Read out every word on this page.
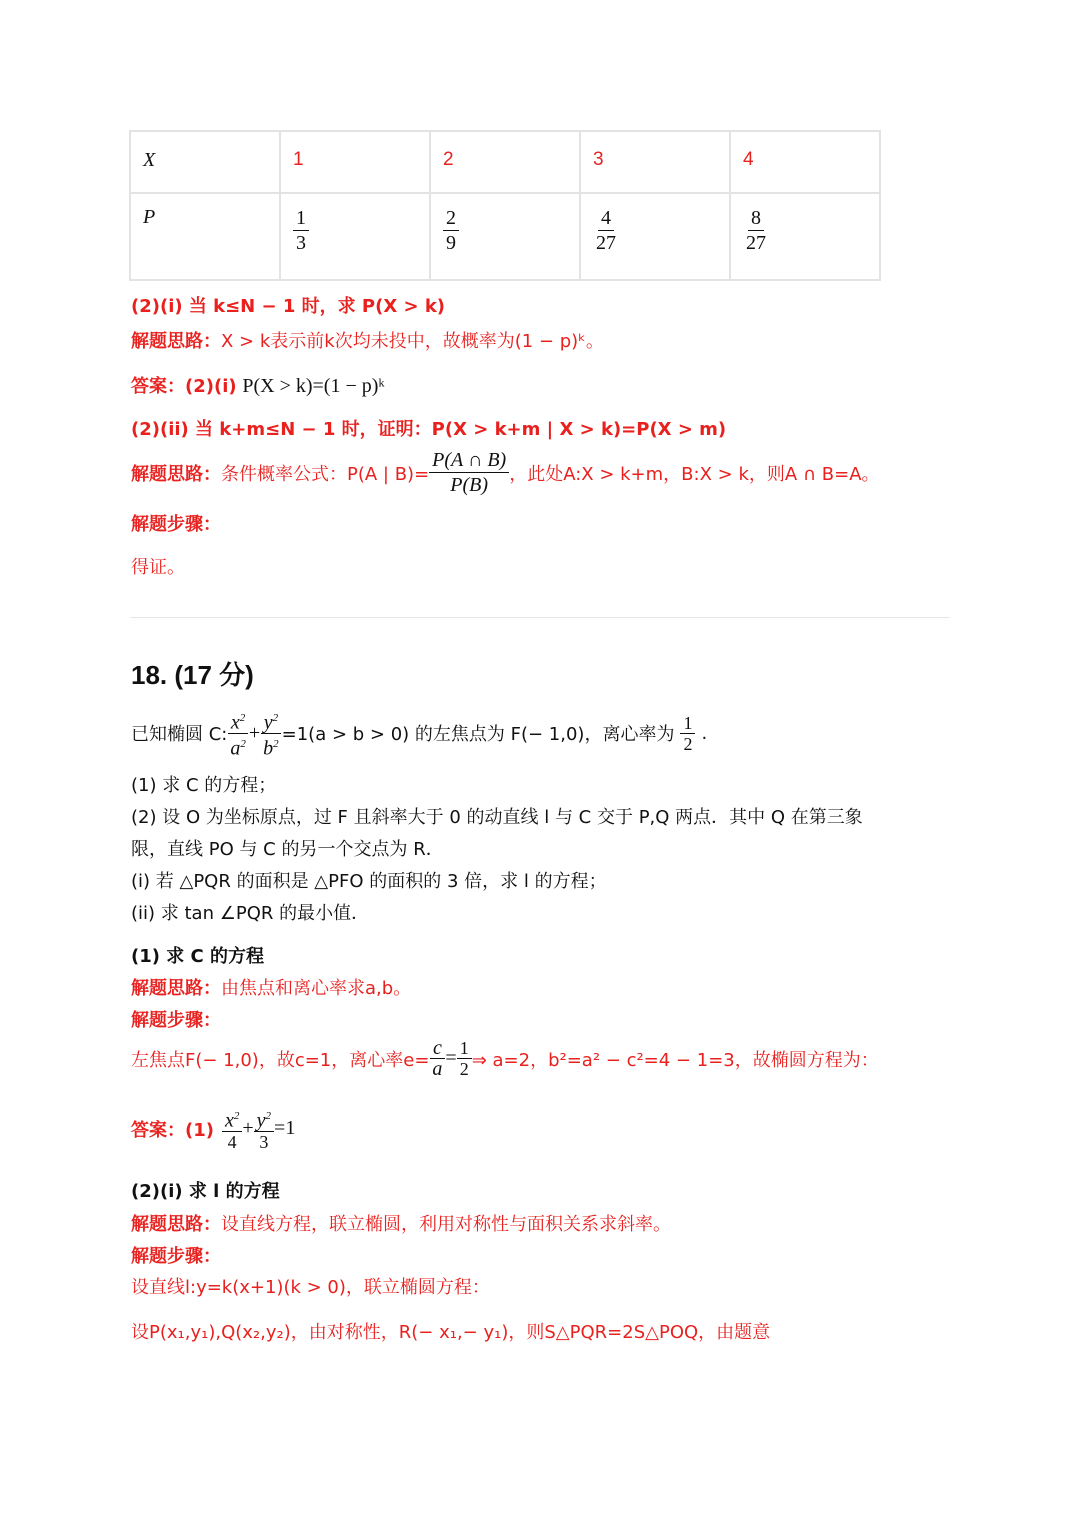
X	1	2	3	4
P	$\frac{1}{3}$	$\frac{2}{9}$	$\frac{4}{27}$	$\frac{8}{27}$
(2)(i) 当 k≤N − 1 时，求 P(X > k)
解题思路：X > k表示前k次均未投中，故概率为(1 − p)ᵏ。
答案：(2)(i) P(X > k)=(1 − p)ᵏ
(2)(ii) 当 k+m≤N − 1 时，证明：P(X > k+m | X > k)=P(X > m)
解题思路： 条件概率公式：P(A | $B)= \frac{P(A \cap B)}{P(B)}$ ，此处A:X > k+m，B:X > k，则A ∩ B=A。
解题步骤：
得证。
18. (17 分)
已知椭圆 C: $\frac{x^2}{a^2} + \frac{y^2}{b^2} =1(a > b > 0)$ 的左焦点为 F(− 1,0)，离心率为 $\frac{1}{2}$ .
(1) 求 C 的方程；
(2) 设 O 为坐标原点，过 F 且斜率大于 0 的动直线 l 与 C 交于 P,Q 两点．其中 Q 在第三象
限，直线 PO 与 C 的另一个交点为 R．
(i) 若 △PQR 的面积是 △PFO 的面积的 3 倍，求 l 的方程；
(ii) 求 tan ∠PQR 的最小值．
(1) 求 C 的方程
解题思路：由焦点和离心率求a,b。
解题步骤：
左焦点F(− 1,0)，故c=1，离心率$e= \frac{c}{a} = \frac{1}{2}$ ⇒ a=2，b²=a² − c²=4 − 1=3，故椭圆方程为：
答案：$(1) \frac{x^2}{4} + \frac{y^2}{3} =1$
(2)(i) 求 l 的方程
解题思路：设直线方程，联立椭圆，利用对称性与面积关系求斜率。
解题步骤：
设直线l:y=k(x+1)(k > 0)，联立椭圆方程：
设P(x₁,y₁),Q(x₂,y₂)，由对称性，R(− x₁,− y₁)，则S△PQR=2S△POQ，由题意
